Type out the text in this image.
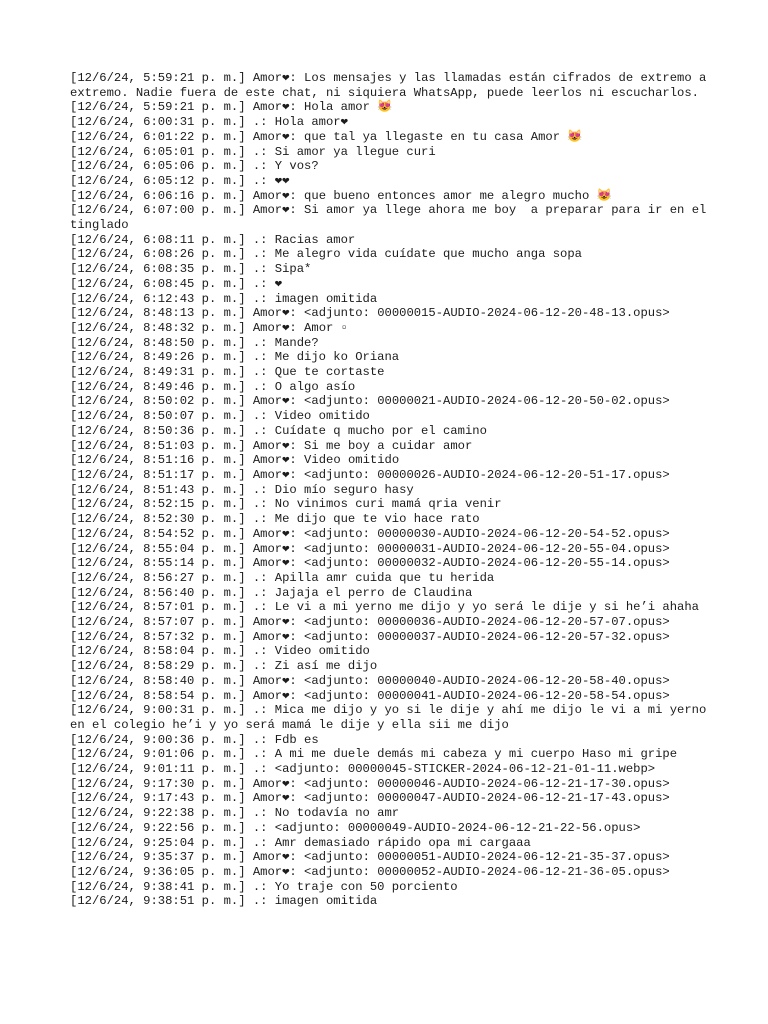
[12/6/24, 5:59:21 p. m.] Amor❤: Los mensajes y las llamadas están cifrados de extremo a extremo. Nadie fuera de este chat, ni siquiera WhatsApp, puede leerlos ni escucharlos.
[12/6/24, 5:59:21 p. m.] Amor❤: Hola amor 😻
[12/6/24, 6:00:31 p. m.] .: Hola amor❤
[12/6/24, 6:01:22 p. m.] Amor❤: que tal ya llegaste en tu casa Amor 😻
[12/6/24, 6:05:01 p. m.] .: Si amor ya llegue curi
[12/6/24, 6:05:06 p. m.] .: Y vos?
[12/6/24, 6:05:12 p. m.] .: ❤❤
[12/6/24, 6:06:16 p. m.] Amor❤: que bueno entonces amor me alegro mucho 😻
[12/6/24, 6:07:00 p. m.] Amor❤: Si amor ya llege ahora me boy  a preparar para ir en el tinglado
[12/6/24, 6:08:11 p. m.] .: Racias amor
[12/6/24, 6:08:26 p. m.] .: Me alegro vida cuídate que mucho anga sopa
[12/6/24, 6:08:35 p. m.] .: Sipa*
[12/6/24, 6:08:45 p. m.] .: ❤
[12/6/24, 6:12:43 p. m.] .: imagen omitida
[12/6/24, 8:48:13 p. m.] Amor❤: <adjunto: 00000015-AUDIO-2024-06-12-20-48-13.opus>
[12/6/24, 8:48:32 p. m.] Amor❤: Amor ▫
[12/6/24, 8:48:50 p. m.] .: Mande?
[12/6/24, 8:49:26 p. m.] .: Me dijo ko Oriana
[12/6/24, 8:49:31 p. m.] .: Que te cortaste
[12/6/24, 8:49:46 p. m.] .: O algo asío
[12/6/24, 8:50:02 p. m.] Amor❤: <adjunto: 00000021-AUDIO-2024-06-12-20-50-02.opus>
[12/6/24, 8:50:07 p. m.] .: Video omitido
[12/6/24, 8:50:36 p. m.] .: Cuídate q mucho por el camino
[12/6/24, 8:51:03 p. m.] Amor❤: Si me boy a cuidar amor
[12/6/24, 8:51:16 p. m.] Amor❤: Video omitido
[12/6/24, 8:51:17 p. m.] Amor❤: <adjunto: 00000026-AUDIO-2024-06-12-20-51-17.opus>
[12/6/24, 8:51:43 p. m.] .: Dio mío seguro hasy
[12/6/24, 8:52:15 p. m.] .: No vinimos curi mamá qria venir
[12/6/24, 8:52:30 p. m.] .: Me dijo que te vio hace rato
[12/6/24, 8:54:52 p. m.] Amor❤: <adjunto: 00000030-AUDIO-2024-06-12-20-54-52.opus>
[12/6/24, 8:55:04 p. m.] Amor❤: <adjunto: 00000031-AUDIO-2024-06-12-20-55-04.opus>
[12/6/24, 8:55:14 p. m.] Amor❤: <adjunto: 00000032-AUDIO-2024-06-12-20-55-14.opus>
[12/6/24, 8:56:27 p. m.] .: Apilla amr cuida que tu herida
[12/6/24, 8:56:40 p. m.] .: Jajaja el perro de Claudina
[12/6/24, 8:57:01 p. m.] .: Le vi a mi yerno me dijo y yo será le dije y si he’i ahaha
[12/6/24, 8:57:07 p. m.] Amor❤: <adjunto: 00000036-AUDIO-2024-06-12-20-57-07.opus>
[12/6/24, 8:57:32 p. m.] Amor❤: <adjunto: 00000037-AUDIO-2024-06-12-20-57-32.opus>
[12/6/24, 8:58:04 p. m.] .: Video omitido
[12/6/24, 8:58:29 p. m.] .: Zi así me dijo
[12/6/24, 8:58:40 p. m.] Amor❤: <adjunto: 00000040-AUDIO-2024-06-12-20-58-40.opus>
[12/6/24, 8:58:54 p. m.] Amor❤: <adjunto: 00000041-AUDIO-2024-06-12-20-58-54.opus>
[12/6/24, 9:00:31 p. m.] .: Mica me dijo y yo si le dije y ahí me dijo le vi a mi yerno en el colegio he’i y yo será mamá le dije y ella sii me dijo
[12/6/24, 9:00:36 p. m.] .: Fdb es
[12/6/24, 9:01:06 p. m.] .: A mi me duele demás mi cabeza y mi cuerpo Haso mi gripe
[12/6/24, 9:01:11 p. m.] .: <adjunto: 00000045-STICKER-2024-06-12-21-01-11.webp>
[12/6/24, 9:17:30 p. m.] Amor❤: <adjunto: 00000046-AUDIO-2024-06-12-21-17-30.opus>
[12/6/24, 9:17:43 p. m.] Amor❤: <adjunto: 00000047-AUDIO-2024-06-12-21-17-43.opus>
[12/6/24, 9:22:38 p. m.] .: No todavía no amr
[12/6/24, 9:22:56 p. m.] .: <adjunto: 00000049-AUDIO-2024-06-12-21-22-56.opus>
[12/6/24, 9:25:04 p. m.] .: Amr demasiado rápido opa mi cargaaa
[12/6/24, 9:35:37 p. m.] Amor❤: <adjunto: 00000051-AUDIO-2024-06-12-21-35-37.opus>
[12/6/24, 9:36:05 p. m.] Amor❤: <adjunto: 00000052-AUDIO-2024-06-12-21-36-05.opus>
[12/6/24, 9:38:41 p. m.] .: Yo traje con 50 porciento
[12/6/24, 9:38:51 p. m.] .: imagen omitida
